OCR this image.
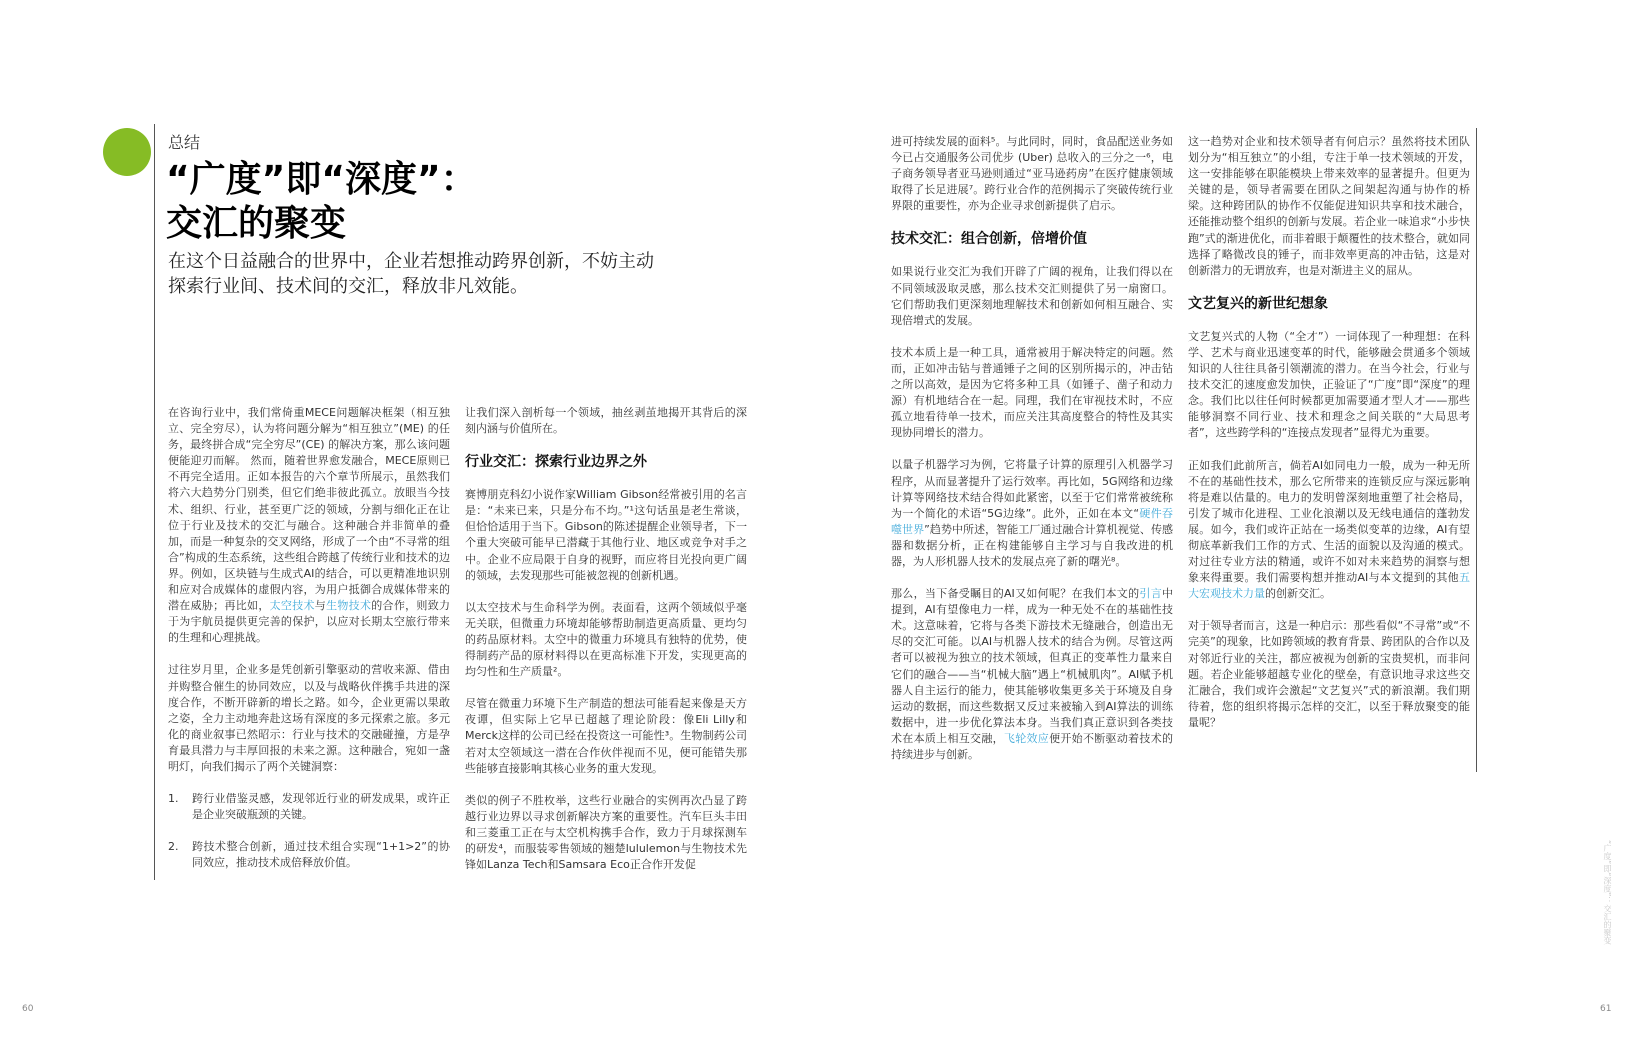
总结
“广度”即“深度”：
交汇的聚变
在这个日益融合的世界中，企业若想推动跨界创新，不妨主动
探索行业间、技术间的交汇，释放非凡效能。

在咨询行业中，我们常倚重MECE问题解决框架（相互独立、完全穷尽），认为将问题分解为“相互独立”(ME) 的任务，最终拼合成“完全穷尽”(CE) 的解决方案，那么该问题便能迎刃而解。 然而，随着世界愈发融合，MECE原则已不再完全适用。正如本报告的六个章节所展示，虽然我们将六大趋势分门别类，但它们绝非彼此孤立。放眼当今技术、组织、行业，甚至更广泛的领域，分割与细化正在让位于行业及技术的交汇与融合。这种融合并非简单的叠加，而是一种复杂的交叉网络，形成了一个由“不寻常的组合”构成的生态系统，这些组合跨越了传统行业和技术的边界。例如，区块链与生成式AI的结合，可以更精准地识别和应对合成媒体的虚假内容，为用户抵御合成媒体带来的潜在威胁；再比如，太空技术与生物技术的合作，则致力于为宇航员提供更完善的保护，以应对长期太空旅行带来的生理和心理挑战。

过往岁月里，企业多是凭创新引擎驱动的营收来源、借由并购整合催生的协同效应，以及与战略伙伴携手共进的深度合作，不断开辟新的增长之路。如今，企业更需以果敢之姿，全力主动地奔赴这场有深度的多元探索之旅。多元化的商业叙事已然昭示：行业与技术的交融碰撞，方是孕育最具潜力与丰厚回报的未来之源。这种融合，宛如一盏明灯，向我们揭示了两个关键洞察：

1. 跨行业借鉴灵感，发现邻近行业的研发成果，或许正是企业突破瓶颈的关键。
2. 跨技术整合创新，通过技术组合实现“1+1>2”的协同效应，推动技术成倍释放价值。

让我们深入剖析每一个领域，抽丝剥茧地揭开其背后的深刻内涵与价值所在。

行业交汇：探索行业边界之外

赛博朋克科幻小说作家William Gibson经常被引用的名言是：“未来已来，只是分布不均。”¹这句话虽是老生常谈，但恰恰适用于当下。Gibson的陈述提醒企业领导者，下一个重大突破可能早已潜藏于其他行业、地区或竞争对手之中。企业不应局限于自身的视野，而应将目光投向更广阔的领域，去发现那些可能被忽视的创新机遇。

以太空技术与生命科学为例。表面看，这两个领域似乎毫无关联，但微重力环境却能够帮助制造更高质量、更均匀的药品原材料。太空中的微重力环境具有独特的优势，使得制药产品的原材料得以在更高标准下开发，实现更高的均匀性和生产质量²。

尽管在微重力环境下生产制造的想法可能看起来像是天方夜谭，但实际上它早已超越了理论阶段：像Eli Lilly和Merck这样的公司已经在投资这一可能性³。生物制药公司若对太空领域这一潜在合作伙伴视而不见，便可能错失那些能够直接影响其核心业务的重大发现。

类似的例子不胜枚举，这些行业融合的实例再次凸显了跨越行业边界以寻求创新解决方案的重要性。汽车巨头丰田和三菱重工正在与太空机构携手合作，致力于月球探测车的研发⁴，而服装零售领域的翘楚lululemon与生物技术先锋如Lanza Tech和Samsara Eco正合作开发促

进可持续发展的面料⁵。与此同时，同时，食品配送业务如今已占交通服务公司优步 (Uber) 总收入的三分之一⁶，电子商务领导者亚马逊则通过“亚马逊药房”在医疗健康领域取得了长足进展⁷。跨行业合作的范例揭示了突破传统行业界限的重要性，亦为企业寻求创新提供了启示。

技术交汇：组合创新，倍增价值

如果说行业交汇为我们开辟了广阔的视角，让我们得以在不同领域汲取灵感，那么技术交汇则提供了另一扇窗口。它们帮助我们更深刻地理解技术和创新如何相互融合、实现倍增式的发展。

技术本质上是一种工具，通常被用于解决特定的问题。然而，正如冲击钻与普通锤子之间的区别所揭示的，冲击钻之所以高效，是因为它将多种工具（如锤子、凿子和动力源）有机地结合在一起。同理，我们在审视技术时，不应孤立地看待单一技术，而应关注其高度整合的特性及其实现协同增长的潜力。

以量子机器学习为例，它将量子计算的原理引入机器学习程序，从而显著提升了运行效率。再比如，5G网络和边缘计算等网络技术结合得如此紧密，以至于它们常常被统称为一个简化的术语“5G边缘”。此外，正如在本文“硬件吞噬世界”趋势中所述，智能工厂通过融合计算机视觉、传感器和数据分析，正在构建能够自主学习与自我改进的机器，为人形机器人技术的发展点亮了新的曙光⁸。

那么，当下备受瞩目的AI又如何呢？在我们本文的引言中提到，AI有望像电力一样，成为一种无处不在的基础性技术。这意味着，它将与各类下游技术无缝融合，创造出无尽的交汇可能。以AI与机器人技术的结合为例。尽管这两者可以被视为独立的技术领域，但真正的变革性力量来自它们的融合——当“机械大脑”遇上“机械肌肉”。AI赋予机器人自主运行的能力，使其能够收集更多关于环境及自身运动的数据，而这些数据又反过来被输入到AI算法的训练数据中，进一步优化算法本身。当我们真正意识到各类技术在本质上相互交融，飞轮效应便开始不断驱动着技术的持续进步与创新。

这一趋势对企业和技术领导者有何启示？虽然将技术团队划分为“相互独立”的小组，专注于单一技术领域的开发，这一安排能够在职能模块上带来效率的显著提升。但更为关键的是，领导者需要在团队之间架起沟通与协作的桥梁。这种跨团队的协作不仅能促进知识共享和技术融合，还能推动整个组织的创新与发展。若企业一味追求“小步快跑”式的渐进优化，而非着眼于颠覆性的技术整合，就如同选择了略微改良的锤子，而非效率更高的冲击钻，这是对创新潜力的无谓放弃，也是对渐进主义的屈从。

文艺复兴的新世纪想象

文艺复兴式的人物（“全才”）一词体现了一种理想：在科学、艺术与商业迅速变革的时代，能够融会贯通多个领域知识的人往往具备引领潮流的潜力。在当今社会，行业与技术交汇的速度愈发加快，正验证了“广度”即“深度”的理念。我们比以往任何时候都更加需要通才型人才——那些能够洞察不同行业、技术和理念之间关联的“大局思考者”，这些跨学科的“连接点发现者”显得尤为重要。

正如我们此前所言，倘若AI如同电力一般，成为一种无所不在的基础性技术，那么它所带来的连锁反应与深远影响将是难以估量的。电力的发明曾深刻地重塑了社会格局，引发了城市化进程、工业化浪潮以及无线电通信的蓬勃发展。如今，我们或许正站在一场类似变革的边缘，AI有望彻底革新我们工作的方式、生活的面貌以及沟通的模式。对过往专业方法的精通，或许不如对未来趋势的洞察与想象来得重要。我们需要构想并推动AI与本文提到的其他五大宏观技术力量的创新交汇。

对于领导者而言，这是一种启示：那些看似“不寻常”或“不完美”的现象，比如跨领域的教育背景、跨团队的合作以及对邻近行业的关注，都应被视为创新的宝贵契机，而非问题。若企业能够超越专业化的壁垒，有意识地寻求这些交汇融合，我们或许会激起“文艺复兴”式的新浪潮。我们期待着，您的组织将揭示怎样的交汇，以至于释放聚变的能量呢？

60	61
“广度”即“深度”：交汇的聚变
